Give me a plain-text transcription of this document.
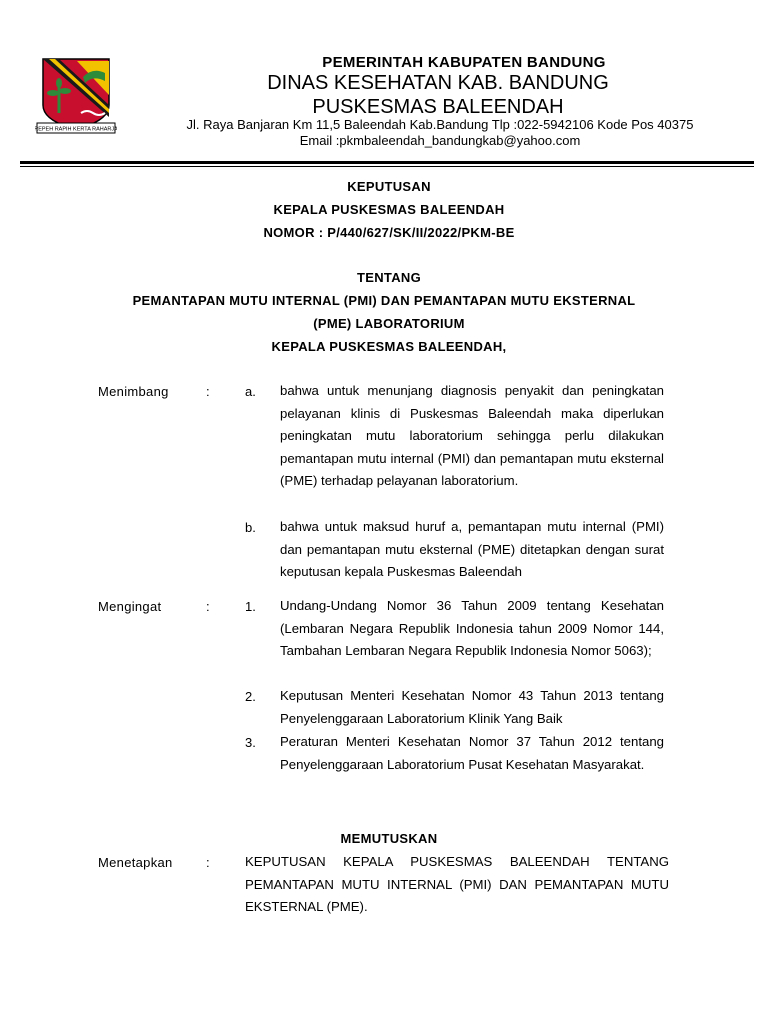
REPEH RAPIH KERTA RAHARJA
PEMERINTAH KABUPATEN BANDUNG
DINAS KESEHATAN KAB. BANDUNG
PUSKESMAS BALEENDAH
Jl. Raya Banjaran Km 11,5 Baleendah Kab.Bandung Tlp :022-5942106 Kode Pos 40375
Email :pkmbaleendah_bandungkab@yahoo.com
KEPUTUSAN
KEPALA PUSKESMAS BALEENDAH
NOMOR : P/440/627/SK/II/2022/PKM-BE
TENTANG
PEMANTAPAN MUTU INTERNAL (PMI) DAN PEMANTAPAN MUTU EKSTERNAL
(PME) LABORATORIUM
KEPALA PUSKESMAS BALEENDAH,
Menimbang	:	a. bahwa untuk menunjang diagnosis penyakit dan peningkatan pelayanan klinis di Puskesmas Baleendah maka diperlukan peningkatan mutu laboratorium sehingga perlu dilakukan pemantapan mutu internal (PMI) dan pemantapan mutu eksternal (PME) terhadap pelayanan laboratorium.
b. bahwa untuk maksud huruf a, pemantapan mutu internal (PMI) dan pemantapan mutu eksternal (PME) ditetapkan dengan surat keputusan kepala Puskesmas Baleendah
Mengingat	:	1. Undang-Undang Nomor 36 Tahun 2009 tentang Kesehatan (Lembaran Negara Republik Indonesia tahun 2009 Nomor 144, Tambahan Lembaran Negara Republik Indonesia Nomor 5063);
2. Keputusan Menteri Kesehatan Nomor 43 Tahun 2013 tentang Penyelenggaraan Laboratorium Klinik Yang Baik
3. Peraturan Menteri Kesehatan Nomor 37 Tahun 2012 tentang Penyelenggaraan Laboratorium Pusat Kesehatan Masyarakat.
MEMUTUSKAN
Menetapkan	:	KEPUTUSAN KEPALA PUSKESMAS BALEENDAH TENTANG PEMANTAPAN MUTU INTERNAL (PMI) DAN PEMANTAPAN MUTU EKSTERNAL (PME).
